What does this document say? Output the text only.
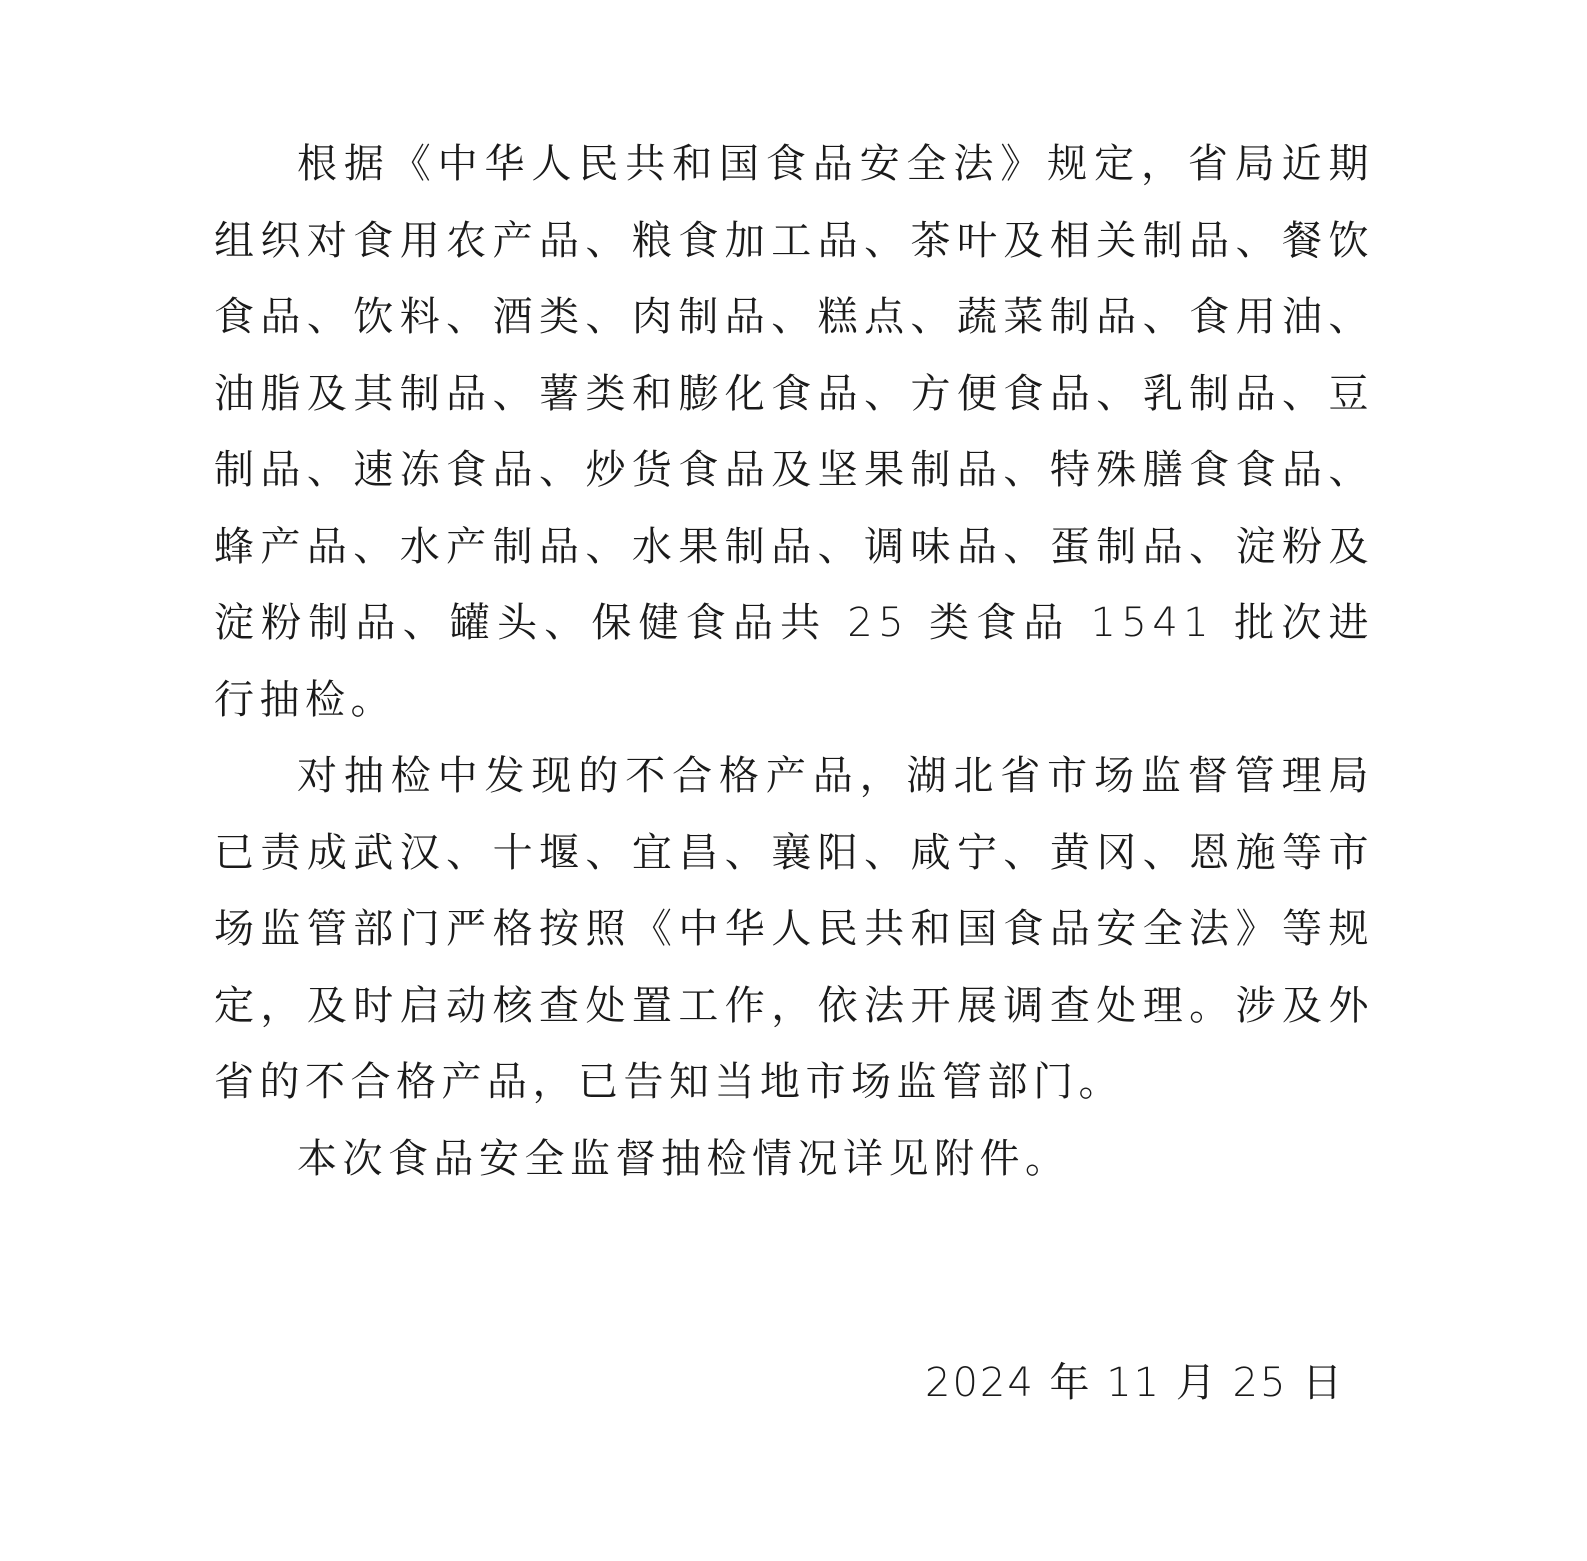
根据《中华人民共和国食品安全法》规定，省局近期组织对食用农产品、粮食加工品、茶叶及相关制品、餐饮食品、饮料、酒类、肉制品、糕点、蔬菜制品、食用油、油脂及其制品、薯类和膨化食品、方便食品、乳制品、豆制品、速冻食品、炒货食品及坚果制品、特殊膳食食品、蜂产品、水产制品、水果制品、调味品、蛋制品、淀粉及淀粉制品、罐头、保健食品共 25 类食品 1541 批次进行抽检。

对抽检中发现的不合格产品，湖北省市场监督管理局已责成武汉、十堰、宜昌、襄阳、咸宁、黄冈、恩施等市场监管部门严格按照《中华人民共和国食品安全法》等规定，及时启动核查处置工作，依法开展调查处理。涉及外省的不合格产品，已告知当地市场监管部门。

本次食品安全监督抽检情况详见附件。

2024 年 11 月 25 日
